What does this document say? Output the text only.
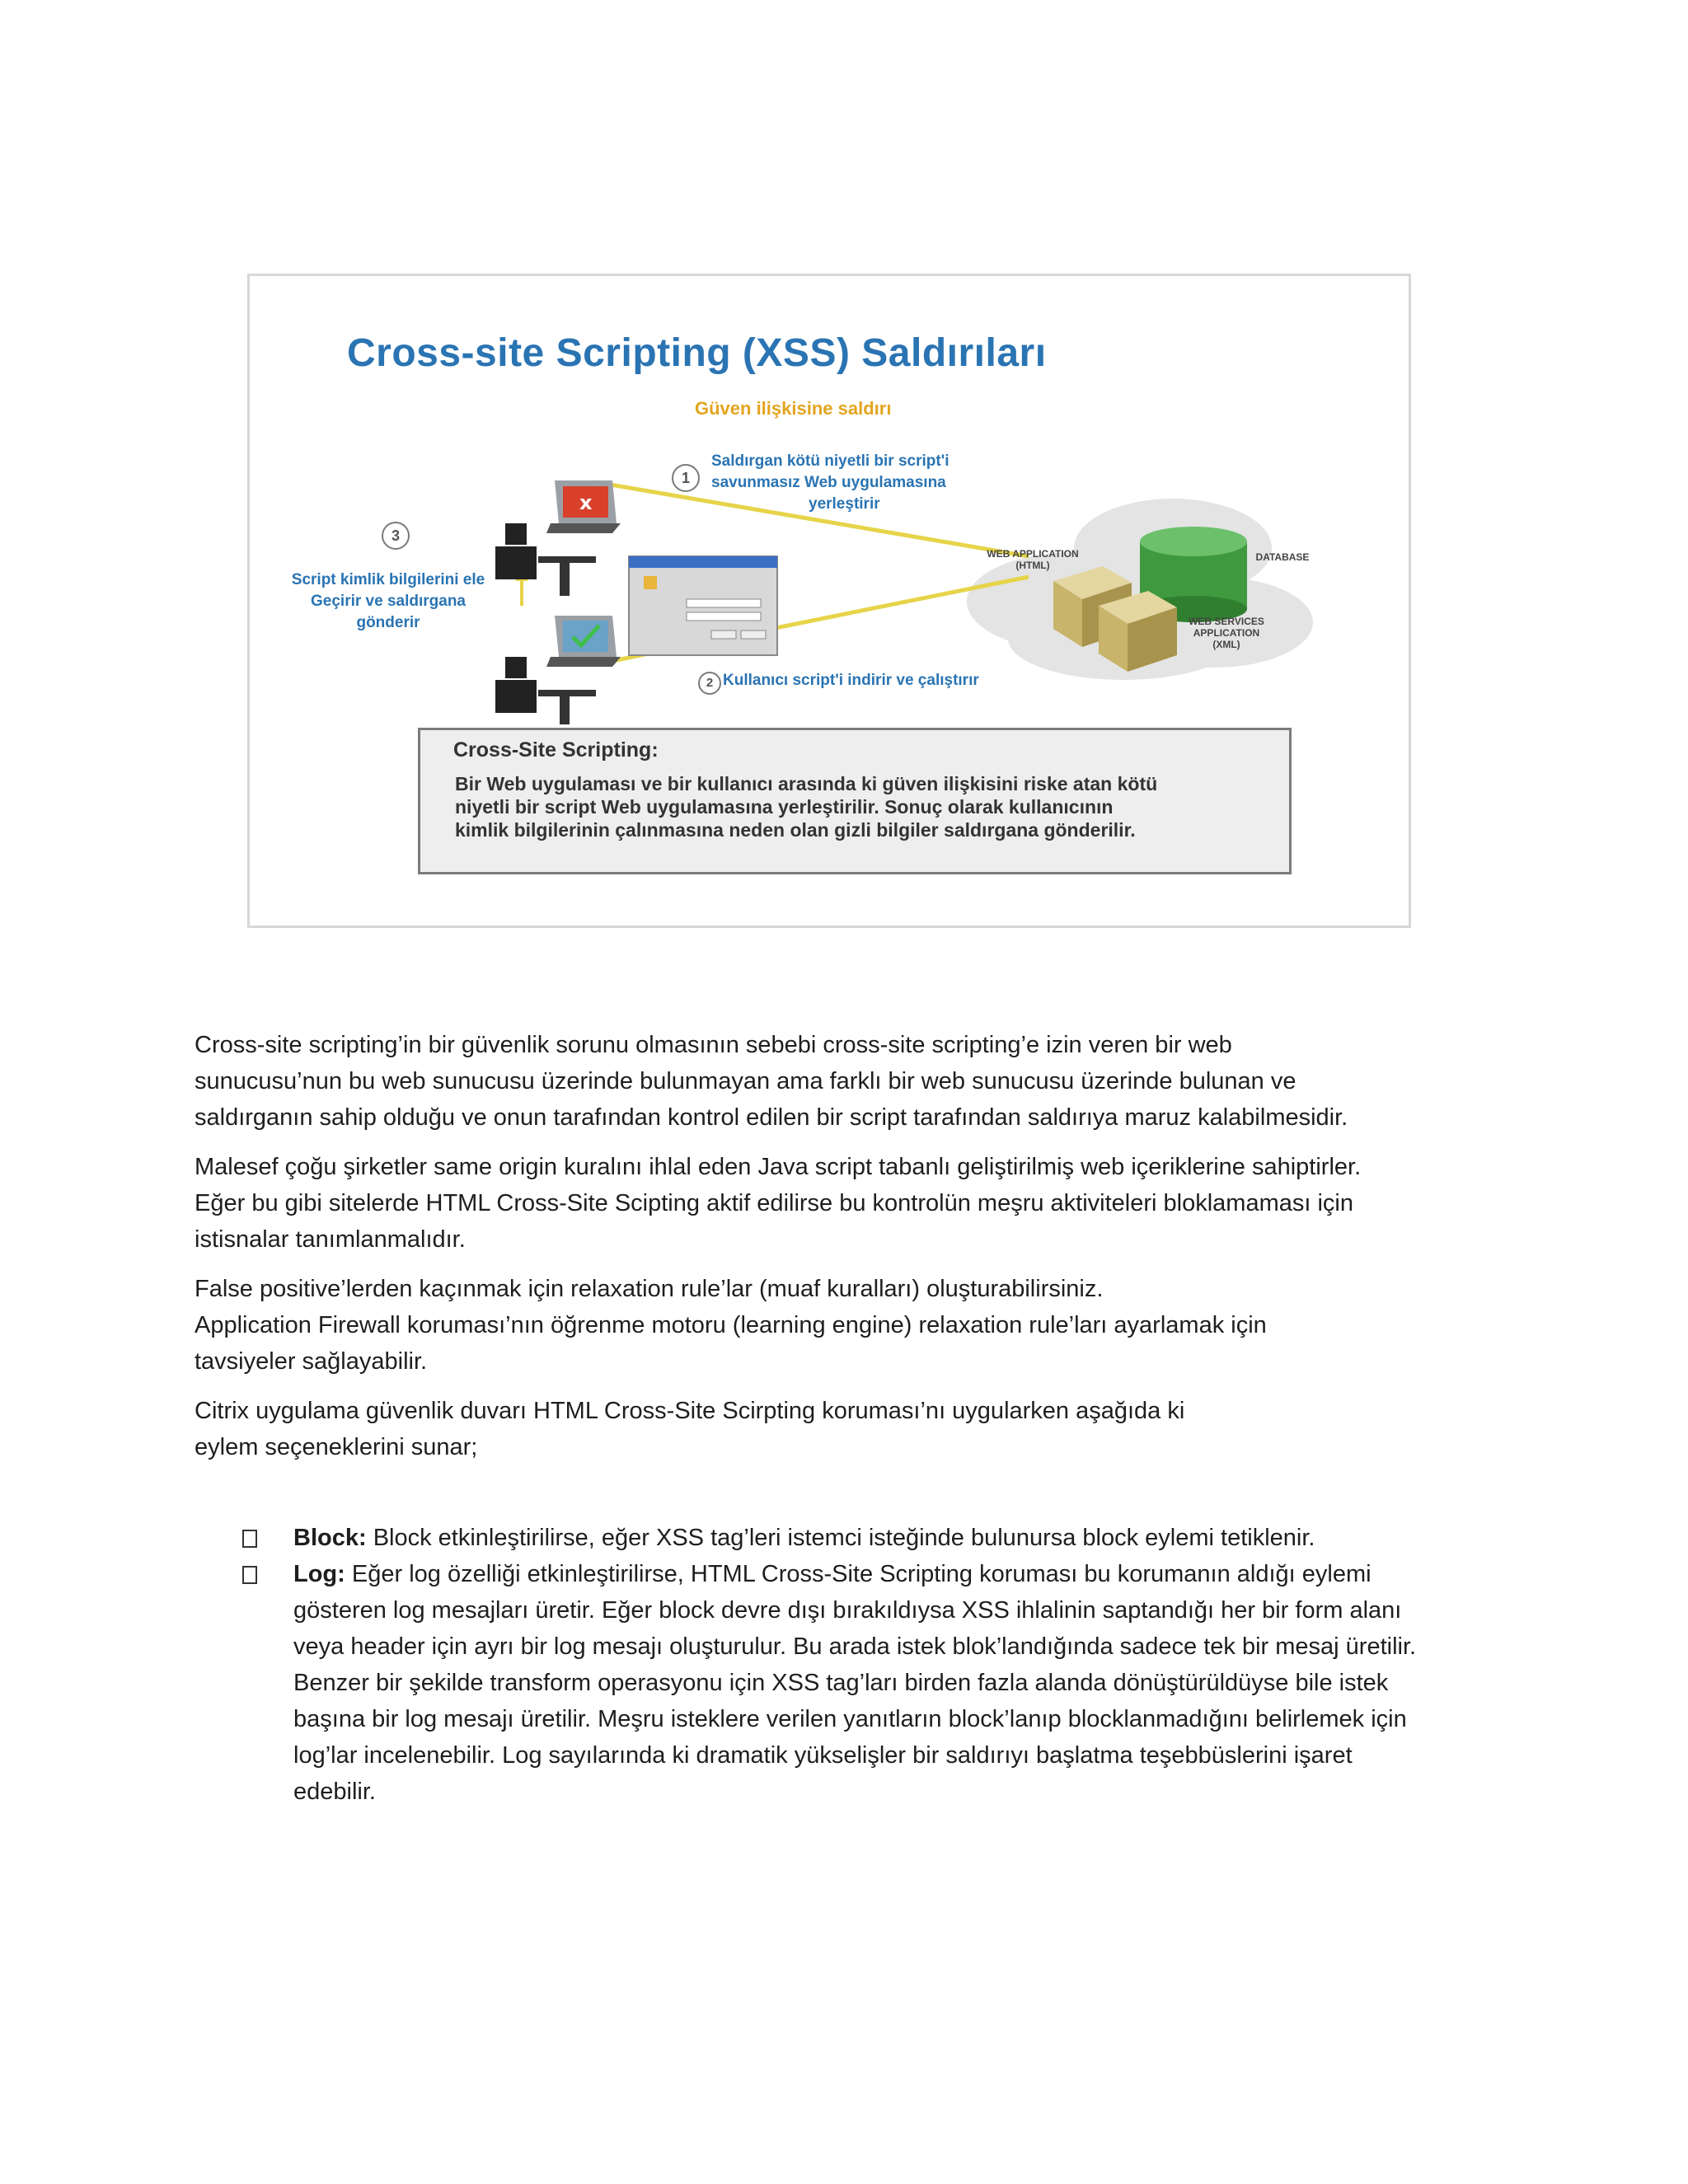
x
Cross-site Scripting (XSS) Saldırıları
Güven ilişkisine saldırı
1
Saldırgan kötü niyetli bir script'i
savunmasız Web uygulamasına
yerleştirir
3
Script kimlik bilgilerini ele
Geçirir ve saldırgana
gönderir
2 Kullanıcı script'i indirir ve çalıştırır
WEB APPLICATION
(HTML)
DATABASE
WEB SERVICES
APPLICATION
(XML)
Cross-Site Scripting:
Bir Web uygulaması ve bir kullanıcı arasında ki güven ilişkisini riske atan kötü
niyetli bir script Web uygulamasına yerleştirilir. Sonuç olarak kullanıcının
kimlik bilgilerinin çalınmasına neden olan gizli bilgiler saldırgana gönderilir.

Cross-site scripting’in bir güvenlik sorunu olmasının sebebi cross-site scripting’e izin veren bir web
sunucusu’nun bu web sunucusu üzerinde bulunmayan ama farklı bir web sunucusu üzerinde bulunan ve
saldırganın sahip olduğu ve onun tarafından kontrol edilen bir script tarafından saldırıya maruz kalabilmesidir.

Malesef çoğu şirketler same origin kuralını ihlal eden Java script tabanlı geliştirilmiş web içeriklerine sahiptirler.
Eğer bu gibi sitelerde HTML Cross-Site Scipting aktif edilirse bu kontrolün meşru aktiviteleri bloklamaması için
istisnalar tanımlanmalıdır.

False positive’lerden kaçınmak için relaxation rule’lar (muaf kuralları) oluşturabilirsiniz.
Application Firewall koruması’nın öğrenme motoru (learning engine) relaxation rule’ları ayarlamak için
tavsiyeler sağlayabilir.

Citrix uygulama güvenlik duvarı HTML Cross-Site Scirpting koruması’nı uygularken aşağıda ki
eylem seçeneklerini sunar;

Block: Block etkinleştirilirse, eğer XSS tag’leri istemci isteğinde bulunursa block eylemi tetiklenir.
Log: Eğer log özelliği etkinleştirilirse, HTML Cross-Site Scripting koruması bu korumanın aldığı eylemi
gösteren log mesajları üretir. Eğer block devre dışı bırakıldıysa XSS ihlalinin saptandığı her bir form alanı
veya header için ayrı bir log mesajı oluşturulur. Bu arada istek blok’landığında sadece tek bir mesaj üretilir.
Benzer bir şekilde transform operasyonu için XSS tag’ları birden fazla alanda dönüştürüldüyse bile istek
başına bir log mesajı üretilir. Meşru isteklere verilen yanıtların block’lanıp blocklanmadığını belirlemek için
log’lar incelenebilir. Log sayılarında ki dramatik yükselişler bir saldırıyı başlatma teşebbüslerini işaret
edebilir.
